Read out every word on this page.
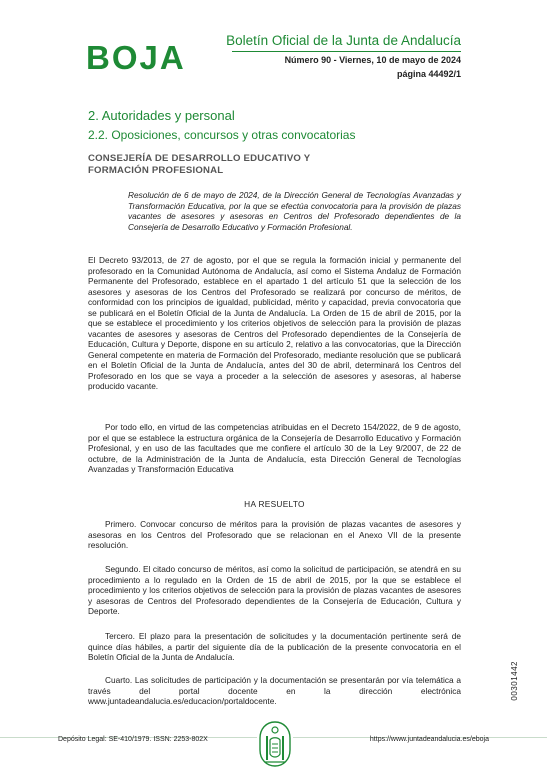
BOJA	Boletín Oficial de la Junta de Andalucía
Número 90 - Viernes, 10 de mayo de 2024
página 44492/1
2. Autoridades y personal
2.2. Oposiciones, concursos y otras convocatorias
CONSEJERÍA DE DESARROLLO EDUCATIVO Y FORMACIÓN PROFESIONAL
Resolución de 6 de mayo de 2024, de la Dirección General de Tecnologías Avanzadas y Transformación Educativa, por la que se efectúa convocatoria para la provisión de plazas vacantes de asesores y asesoras en Centros del Profesorado dependientes de la Consejería de Desarrollo Educativo y Formación Profesional.
El Decreto 93/2013, de 27 de agosto, por el que se regula la formación inicial y permanente del profesorado en la Comunidad Autónoma de Andalucía, así como el Sistema Andaluz de Formación Permanente del Profesorado, establece en el apartado 1 del artículo 51 que la selección de los asesores y asesoras de los Centros del Profesorado se realizará por concurso de méritos, de conformidad con los principios de igualdad, publicidad, mérito y capacidad, previa convocatoria que se publicará en el Boletín Oficial de la Junta de Andalucía. La Orden de 15 de abril de 2015, por la que se establece el procedimiento y los criterios objetivos de selección para la provisión de plazas vacantes de asesores y asesoras de Centros del Profesorado dependientes de la Consejería de Educación, Cultura y Deporte, dispone en su artículo 2, relativo a las convocatorias, que la Dirección General competente en materia de Formación del Profesorado, mediante resolución que se publicará en el Boletín Oficial de la Junta de Andalucía, antes del 30 de abril, determinará los Centros del Profesorado en los que se vaya a proceder a la selección de asesores y asesoras, al haberse producido vacante.
Por todo ello, en virtud de las competencias atribuidas en el Decreto 154/2022, de 9 de agosto, por el que se establece la estructura orgánica de la Consejería de Desarrollo Educativo y Formación Profesional, y en uso de las facultades que me confiere el artículo 30 de la Ley 9/2007, de 22 de octubre, de la Administración de la Junta de Andalucía, esta Dirección General de Tecnologías Avanzadas y Transformación Educativa
HA RESUELTO
Primero. Convocar concurso de méritos para la provisión de plazas vacantes de asesores y asesoras en los Centros del Profesorado que se relacionan en el Anexo VII de la presente resolución.
Segundo. El citado concurso de méritos, así como la solicitud de participación, se atendrá en su procedimiento a lo regulado en la Orden de 15 de abril de 2015, por la que se establece el procedimiento y los criterios objetivos de selección para la provisión de plazas vacantes de asesores y asesoras de Centros del Profesorado dependientes de la Consejería de Educación, Cultura y Deporte.
Tercero. El plazo para la presentación de solicitudes y la documentación pertinente será de quince días hábiles, a partir del siguiente día de la publicación de la presente convocatoria en el Boletín Oficial de la Junta de Andalucía.
Cuarto. Las solicitudes de participación y la documentación se presentarán por vía telemática a través del portal docente en la dirección electrónica www.juntadeandalucia.es/educacion/portaldocente.
00301442
Depósito Legal: SE-410/1979. ISSN: 2253-802X	https://www.juntadeandalucia.es/eboja
